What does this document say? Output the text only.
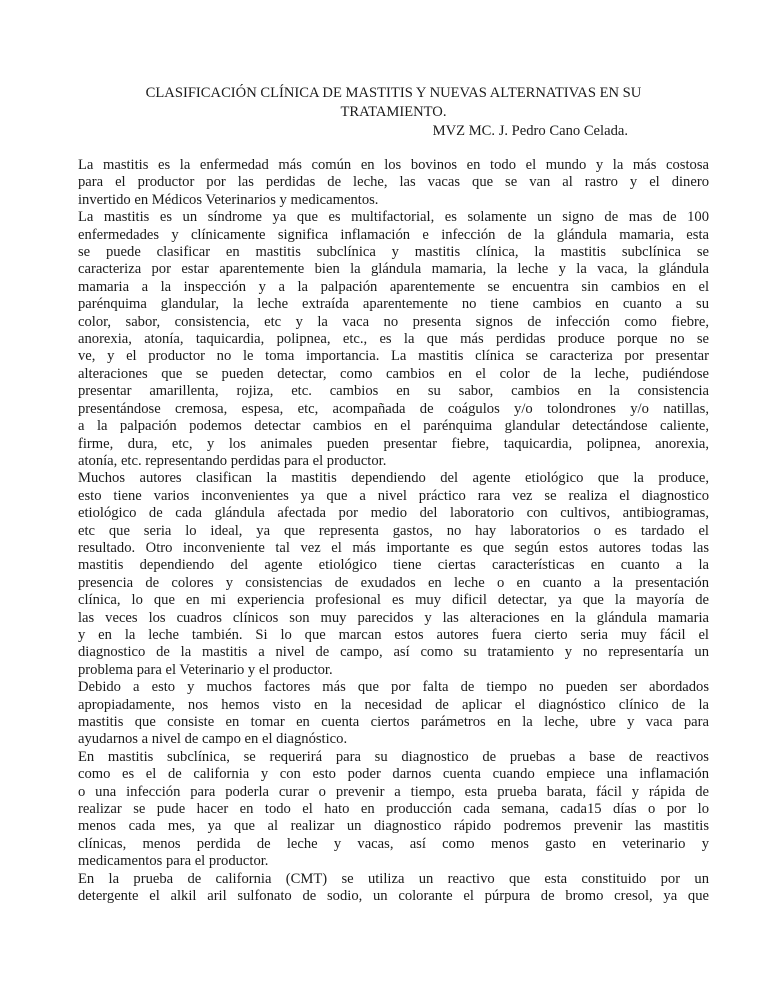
CLASIFICACIÓN CLÍNICA DE MASTITIS Y NUEVAS ALTERNATIVAS EN SU
TRATAMIENTO.
MVZ MC. J. Pedro Cano Celada.
La mastitis es la enfermedad más común en los bovinos en todo el mundo y la más costosa
para el productor por las perdidas de leche, las vacas que se van al rastro y el dinero
invertido en Médicos Veterinarios y medicamentos.
La mastitis es un síndrome ya que es multifactorial, es solamente un signo de mas de 100
enfermedades y clínicamente significa inflamación e infección de la glándula mamaria, esta
se puede clasificar en mastitis subclínica y mastitis clínica, la mastitis subclínica se
caracteriza por estar aparentemente bien la glándula mamaria, la leche y la vaca, la glándula
mamaria a la inspección y a la palpación aparentemente se encuentra sin cambios en el
parénquima glandular, la leche extraída aparentemente no tiene cambios en cuanto a su
color, sabor, consistencia, etc y la vaca no presenta signos de infección como fiebre,
anorexia, atonía, taquicardia, polipnea, etc., es la que más perdidas produce porque no se
ve, y el productor no le toma importancia. La mastitis clínica se caracteriza por presentar
alteraciones que se pueden detectar, como cambios en el color de la leche, pudiéndose
presentar amarillenta, rojiza, etc. cambios en su sabor, cambios en la consistencia
presentándose cremosa, espesa, etc, acompañada de coágulos y/o tolondrones y/o natillas,
a la palpación podemos detectar cambios en el parénquima glandular detectándose caliente,
firme, dura, etc, y los animales pueden presentar fiebre, taquicardia, polipnea, anorexia,
atonía, etc. representando perdidas para el productor.
Muchos autores clasifican la mastitis dependiendo del agente etiológico que la produce,
esto tiene varios inconvenientes ya que a nivel práctico rara vez se realiza el diagnostico
etiológico de cada glándula afectada por medio del laboratorio con cultivos, antibiogramas,
etc que seria lo ideal, ya que representa gastos, no hay laboratorios o es tardado el
resultado. Otro inconveniente tal vez el más importante es que según estos autores todas las
mastitis dependiendo del agente etiológico tiene ciertas características en cuanto a la
presencia de colores y consistencias de exudados en leche o en cuanto a la presentación
clínica, lo que en mi experiencia profesional es muy dificil detectar, ya que la mayoría de
las veces los cuadros clínicos son muy parecidos y las alteraciones en la glándula mamaria
y en la leche también. Si lo que marcan estos autores fuera cierto seria muy fácil el
diagnostico de la mastitis a nivel de campo, así como su tratamiento y no representaría un
problema para el Veterinario y el productor.
Debido a esto y muchos factores más que por falta de tiempo no pueden ser abordados
apropiadamente, nos hemos visto en la necesidad de aplicar el diagnóstico clínico de la
mastitis que consiste en tomar en cuenta ciertos parámetros en la leche, ubre y vaca para
ayudarnos a nivel de campo en el diagnóstico.
En mastitis subclínica, se requerirá para su diagnostico de pruebas a base de reactivos
como es el de california y con esto poder darnos cuenta cuando empiece una inflamación
o una infección para poderla curar o prevenir a tiempo, esta prueba barata, fácil y rápida de
realizar se pude hacer en todo el hato en producción cada semana, cada15 días o por lo
menos cada mes, ya que al realizar un diagnostico rápido podremos prevenir las mastitis
clínicas, menos perdida de leche y vacas, así como menos gasto en veterinario y
medicamentos para el productor.
En la prueba de california (CMT) se utiliza un reactivo que esta constituido por un
detergente el alkil aril sulfonato de sodio, un colorante el púrpura de bromo cresol, ya que
